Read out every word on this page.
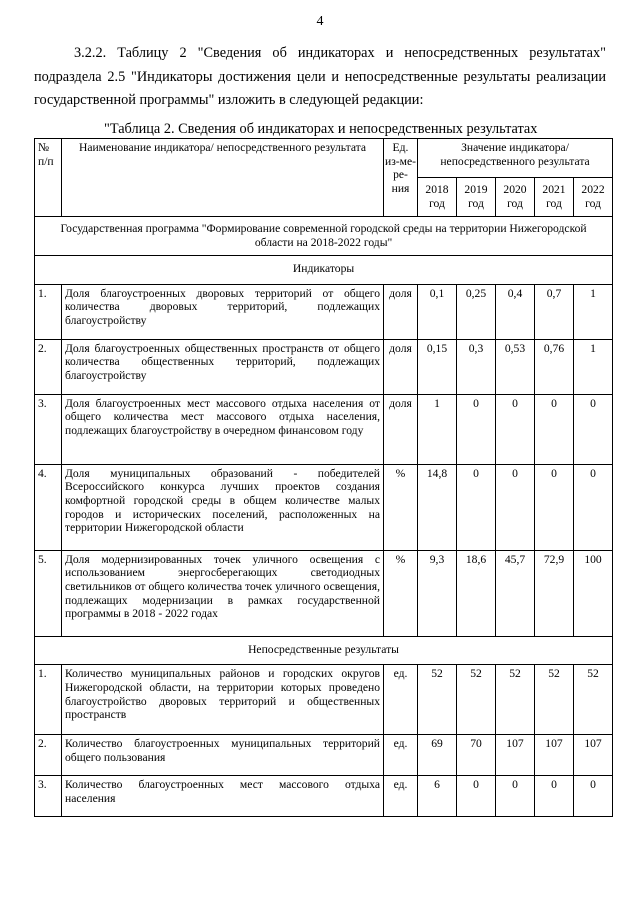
4
3.2.2. Таблицу 2 "Сведения об индикаторах и непосредственных результатах" подраздела 2.5 "Индикаторы достижения цели и непосредственные результаты реализации государственной программы" изложить в следующей редакции:
"Таблица 2. Сведения об индикаторах и непосредственных результатах
№ п/п	Наименование индикатора/ непосредственного результата	Ед. из-ме-ре-ния	Значение индикатора/ непосредственного результата				
			2018 год	2019 год	2020 год	2021 год	2022 год
Государственная программа "Формирование современной городской среды на территории Нижегородской области на 2018-2022 годы"							
Индикаторы							
1.	Доля благоустроенных дворовых территорий от общего количества дворовых территорий, подлежащих благоустройству	доля	0,1	0,25	0,4	0,7	1
2.	Доля благоустроенных общественных пространств от общего количества общественных территорий, подлежащих благоустройству	доля	0,15	0,3	0,53	0,76	1
3.	Доля благоустроенных мест массового отдыха населения от общего количества мест массового отдыха населения, подлежащих благоустройству в очередном финансовом году	доля	1	0	0	0	0
4.	Доля муниципальных образований - победителей Всероссийского конкурса лучших проектов создания комфортной городской среды в общем количестве малых городов и исторических поселений, расположенных на территории Нижегородской области	%	14,8	0	0	0	0
5.	Доля модернизированных точек уличного освещения с использованием энергосберегающих светодиодных светильников от общего количества точек уличного освещения, подлежащих модернизации в рамках государственной программы в 2018 - 2022 годах	%	9,3	18,6	45,7	72,9	100
Непосредственные результаты							
1.	Количество муниципальных районов и городских округов Нижегородской области, на территории которых проведено благоустройство дворовых территорий и общественных пространств	ед.	52	52	52	52	52
2.	Количество благоустроенных муниципальных территорий общего пользования	ед.	69	70	107	107	107
3.	Количество благоустроенных мест массового отдыха населения	ед.	6	0	0	0	0
